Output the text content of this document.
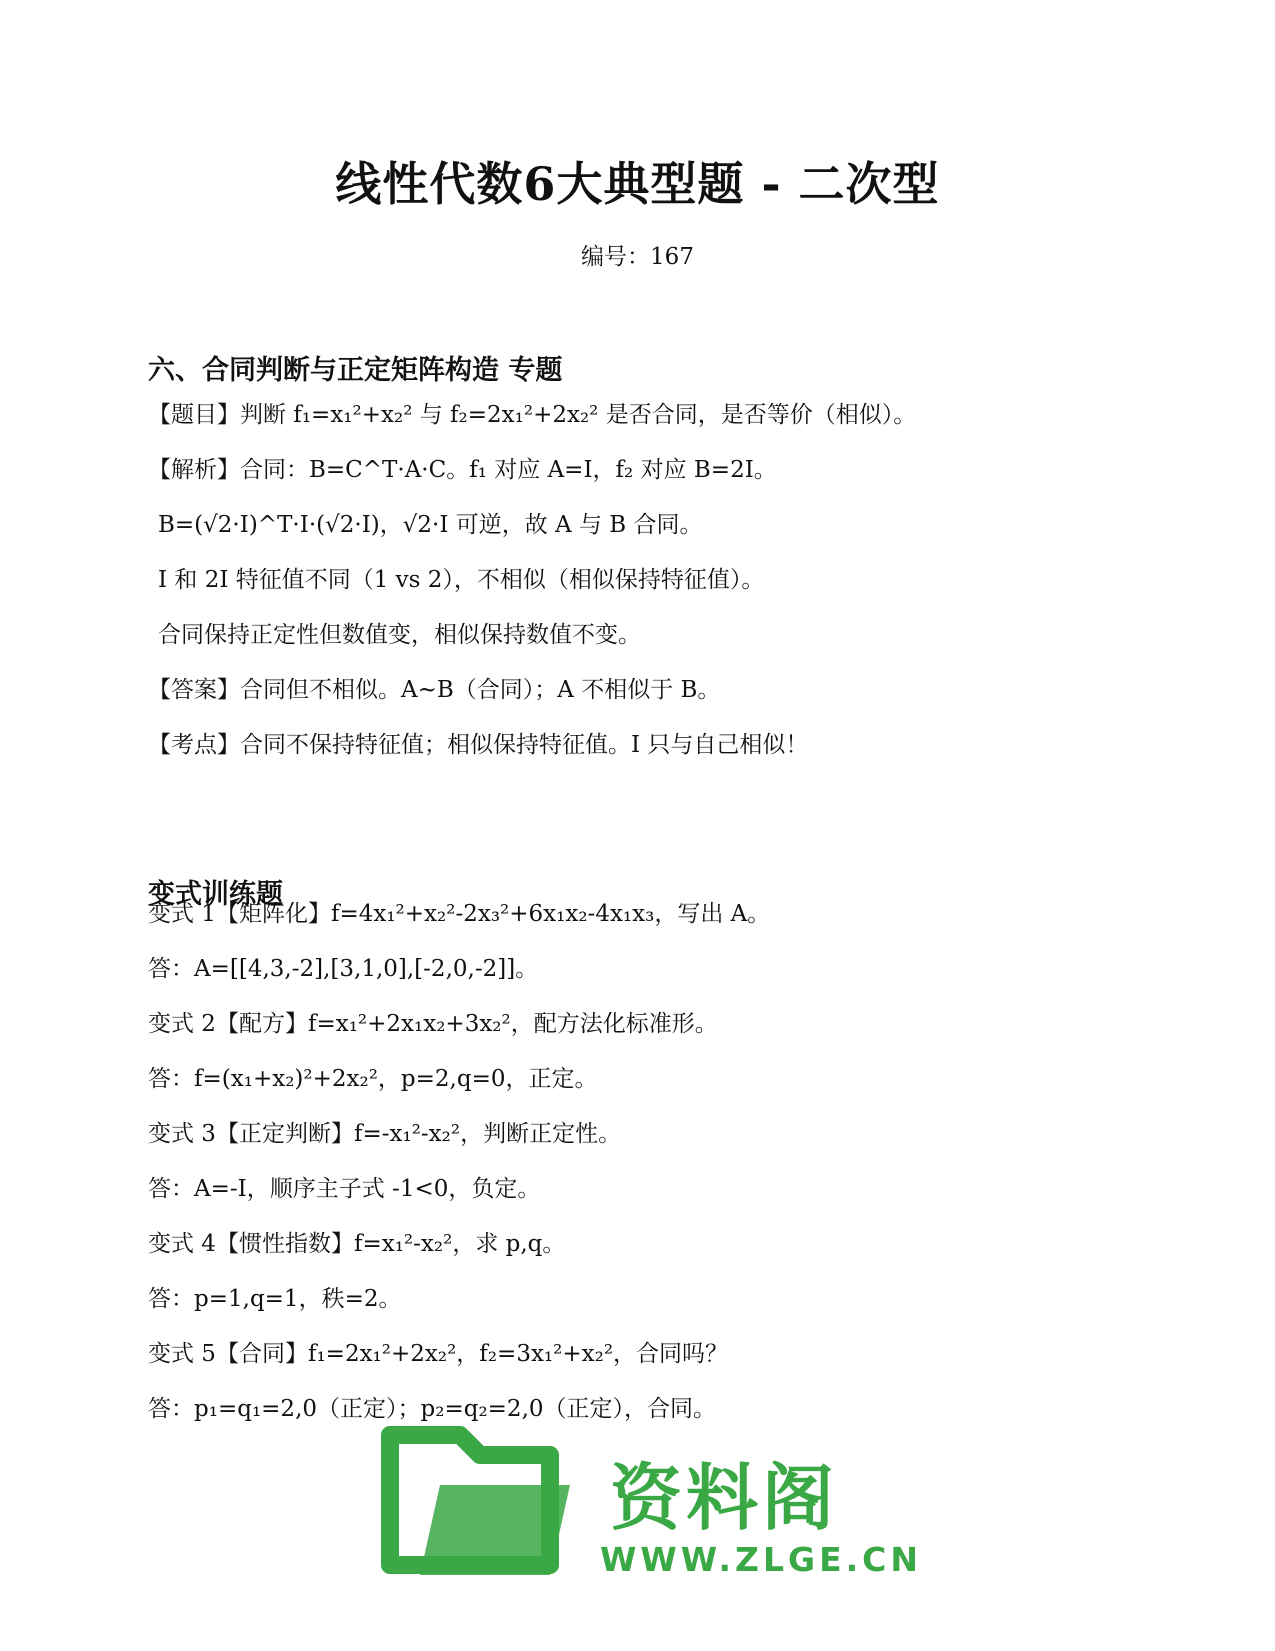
线性代数6大典型题 - 二次型
编号：167
六、合同判断与正定矩阵构造 专题
【题目】判断 f₁=x₁²+x₂² 与 f₂=2x₁²+2x₂² 是否合同，是否等价（相似）。
【解析】合同：B=C^T·A·C。f₁ 对应 A=I，f₂ 对应 B=2I。
B=(√2·I)^T·I·(√2·I)，√2·I 可逆，故 A 与 B 合同。
I 和 2I 特征值不同（1 vs 2），不相似（相似保持特征值）。
合同保持正定性但数值变，相似保持数值不变。
【答案】合同但不相似。A~B（合同）；A 不相似于 B。
【考点】合同不保持特征值；相似保持特征值。I 只与自己相似！
变式训练题
变式 1【矩阵化】f=4x₁²+x₂²-2x₃²+6x₁x₂-4x₁x₃，写出 A。
答：A=[[4,3,-2],[3,1,0],[-2,0,-2]]。
变式 2【配方】f=x₁²+2x₁x₂+3x₂²，配方法化标准形。
答：f=(x₁+x₂)²+2x₂²，p=2,q=0，正定。
变式 3【正定判断】f=-x₁²-x₂²，判断正定性。
答：A=-I，顺序主子式 -1<0，负定。
变式 4【惯性指数】f=x₁²-x₂²，求 p,q。
答：p=1,q=1，秩=2。
变式 5【合同】f₁=2x₁²+2x₂²，f₂=3x₁²+x₂²，合同吗？
答：p₁=q₁=2,0（正定）；p₂=q₂=2,0（正定），合同。
资料阁
WWW.ZLGE.CN
